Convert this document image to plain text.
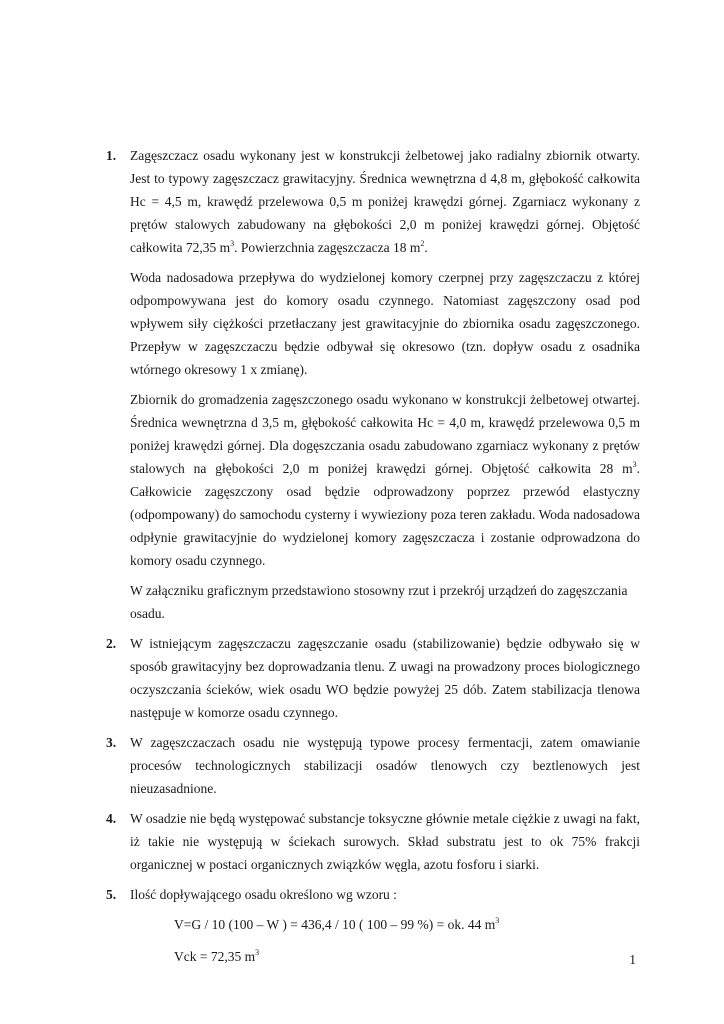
1. Zagęszczacz osadu wykonany jest w konstrukcji żelbetowej jako radialny zbiornik otwarty. Jest to typowy zagęszczacz grawitacyjny. Średnica wewnętrzna d 4,8 m, głębokość całkowita Hc = 4,5 m, krawędź przelewowa 0,5 m poniżej krawędzi górnej. Zgarniacz wykonany z prętów stalowych zabudowany na głębokości 2,0 m poniżej krawędzi górnej. Objętość całkowita 72,35 $m^3$. Powierzchnia zagęszczacza 18 $m^2$.

Woda nadosadowa przepływa do wydzielonej komory czerpnej przy zagęszczaczu z której odpompowywana jest do komory osadu czynnego. Natomiast zagęszczony osad pod wpływem siły ciężkości przetłaczany jest grawitacyjnie do zbiornika osadu zagęszczonego. Przepływ w zagęszczaczu będzie odbywał się okresowo (tzn. dopływ osadu z osadnika wtórnego okresowy 1 x zmianę).

Zbiornik do gromadzenia zagęszczonego osadu wykonano w konstrukcji żelbetowej otwartej. Średnica wewnętrzna d 3,5 m, głębokość całkowita Hc = 4,0 m, krawędź przelewowa 0,5 m poniżej krawędzi górnej. Dla dogęszczania osadu zabudowano zgarniacz wykonany z prętów stalowych na głębokości 2,0 m poniżej krawędzi górnej. Objętość całkowita 28 $m^3$. Całkowicie zagęszczony osad będzie odprowadzony poprzez przewód elastyczny (odpompowany) do samochodu cysterny i wywieziony poza teren zakładu. Woda nadosadowa odpłynie grawitacyjnie do wydzielonej komory zagęszczacza i zostanie odprowadzona do komory osadu czynnego.

W załączniku graficznym przedstawiono stosowny rzut i przekrój urządzeń do zagęszczania osadu.

2. W istniejącym zagęszczaczu zagęszczanie osadu (stabilizowanie) będzie odbywało się w sposób grawitacyjny bez doprowadzania tlenu. Z uwagi na prowadzony proces biologicznego oczyszczania ścieków, wiek osadu WO będzie powyżej 25 dób. Zatem stabilizacja tlenowa następuje w komorze osadu czynnego.

3. W zagęszczaczach osadu nie występują typowe procesy fermentacji, zatem omawianie procesów technologicznych stabilizacji osadów tlenowych czy beztlenowych jest nieuzasadnione.

4. W osadzie nie będą występować substancje toksyczne głównie metale ciężkie z uwagi na fakt, iż takie nie występują w ściekach surowych. Skład substratu jest to ok 75% frakcji organicznej w postaci organicznych związków węgla, azotu fosforu i siarki.

5. Ilość dopływającego osadu określono wg wzoru :

V=G / 10 (100 – W ) = 436,4 / 10 ( 100 – 99 %) = ok. 44 $m^3$
Vck = 72,35 $m^3$	1
